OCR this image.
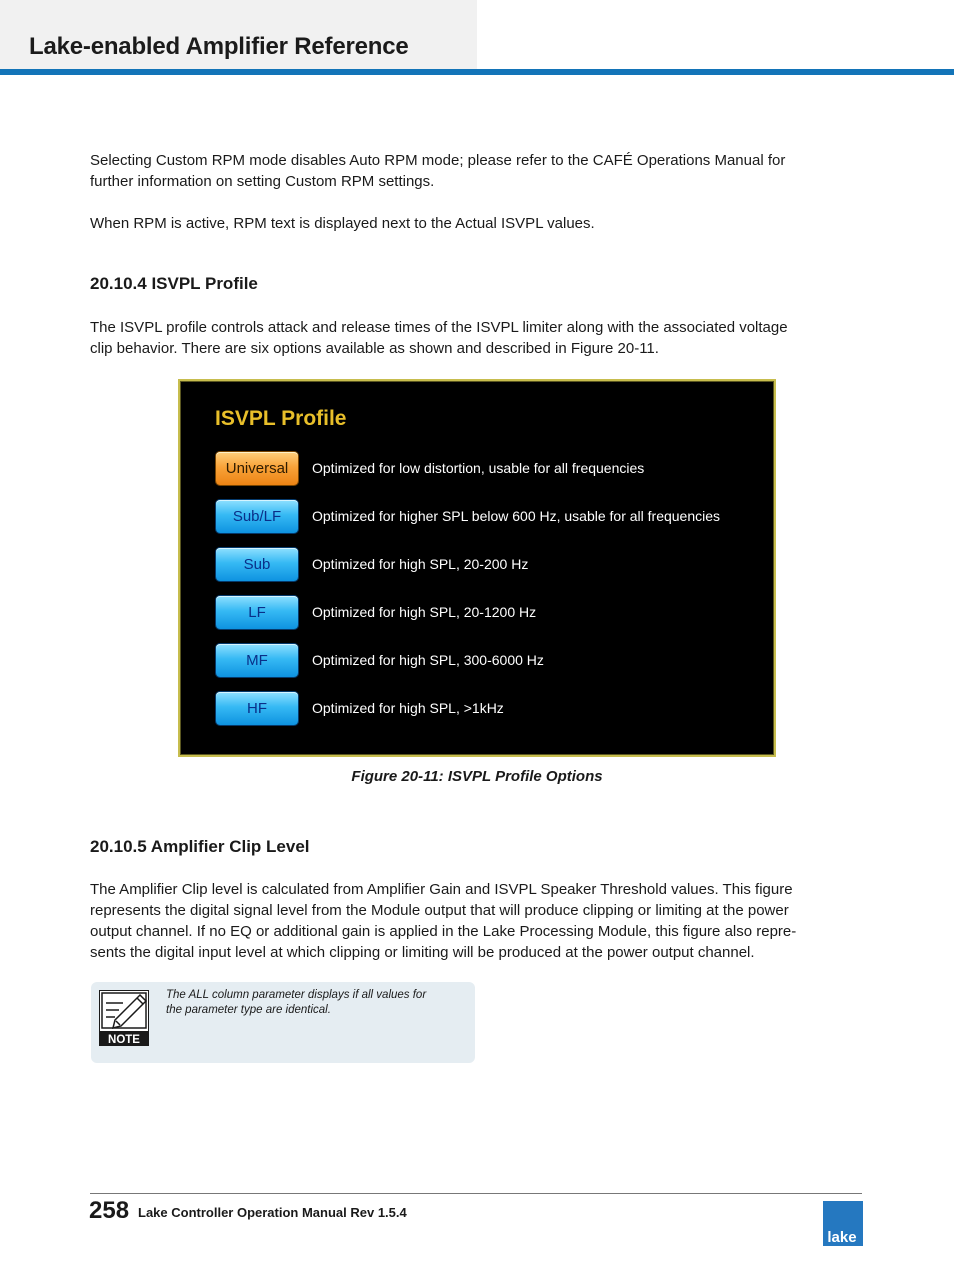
Lake-enabled Amplifier Reference
Selecting Custom RPM mode disables Auto RPM mode; please refer to the CAFÉ Operations Manual for
further information on setting Custom RPM settings.
When RPM is active, RPM text is displayed next to the Actual ISVPL values.
20.10.4 ISVPL Profile
The ISVPL profile controls attack and release times of the ISVPL limiter along with the associated voltage
clip behavior. There are six options available as shown and described in Figure 20-11.
ISVPL Profile
Universal	Optimized for low distortion, usable for all frequencies
Sub/LF	Optimized for higher SPL below 600 Hz, usable for all frequencies
Sub	Optimized for high SPL, 20-200 Hz
LF	Optimized for high SPL, 20-1200 Hz
MF	Optimized for high SPL, 300-6000 Hz
HF	Optimized for high SPL, >1kHz
Figure 20-11: ISVPL Profile Options
20.10.5 Amplifier Clip Level
The Amplifier Clip level is calculated from Amplifier Gain and ISVPL Speaker Threshold values. This figure
represents the digital signal level from the Module output that will produce clipping or limiting at the power
output channel. If no EQ or additional gain is applied in the Lake Processing Module, this figure also repre-
sents the digital input level at which clipping or limiting will be produced at the power output channel.
NOTE
The ALL column parameter displays if all values for
the parameter type are identical.
258 Lake Controller Operation Manual Rev 1.5.4
lake
